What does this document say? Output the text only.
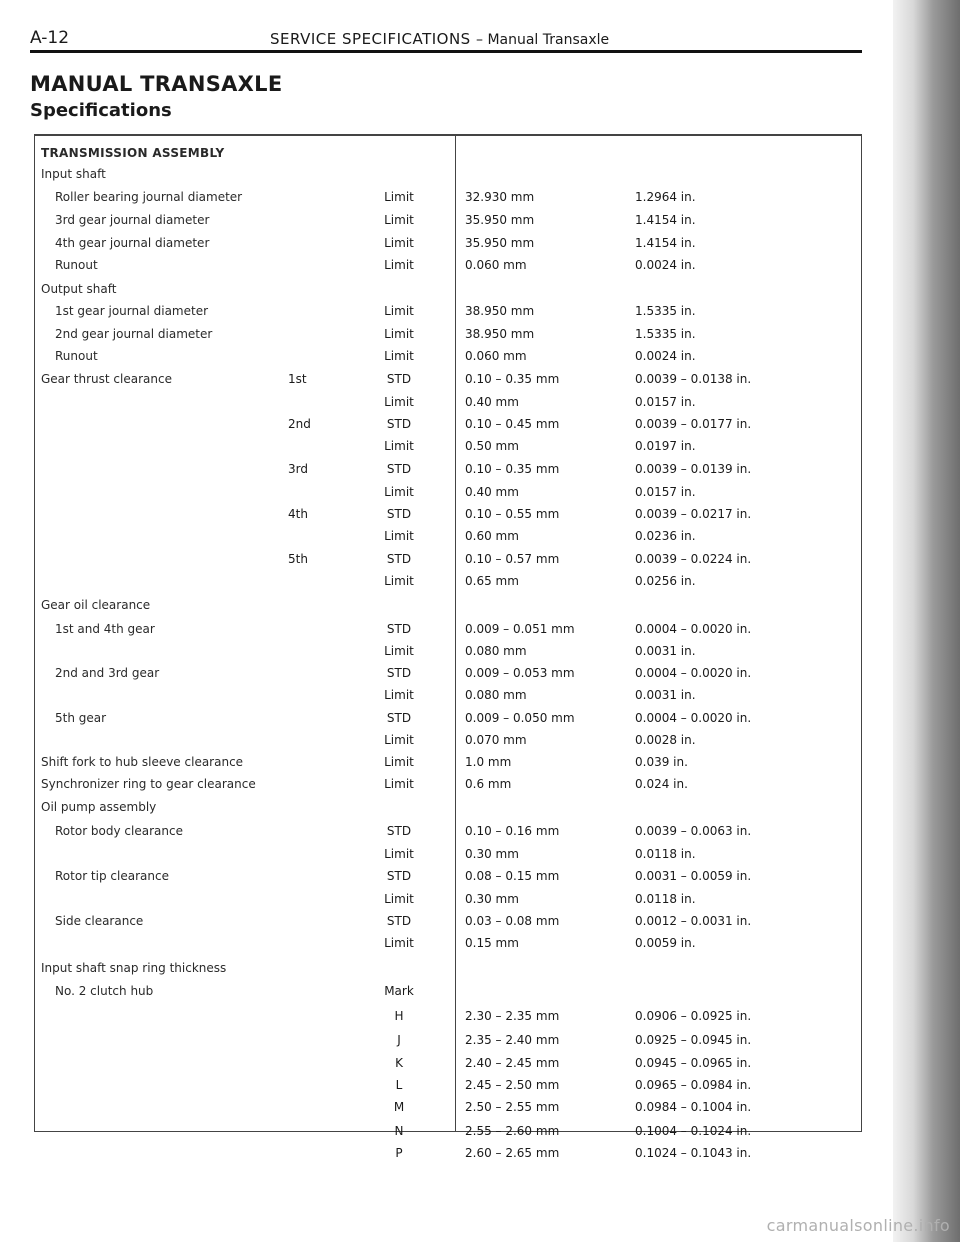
A-12	SERVICE SPECIFICATIONS – Manual Transaxle
MANUAL TRANSAXLE
Specifications
TRANSMISSION ASSEMBLY
Input shaft
Roller bearing journal diameter	Limit	32.930 mm	1.2964 in.
3rd gear journal diameter	Limit	35.950 mm	1.4154 in.
4th gear journal diameter	Limit	35.950 mm	1.4154 in.
Runout	Limit	0.060 mm	0.0024 in.
Output shaft
1st gear journal diameter	Limit	38.950 mm	1.5335 in.
2nd gear journal diameter	Limit	38.950 mm	1.5335 in.
Runout	Limit	0.060 mm	0.0024 in.
Gear thrust clearance	1st	STD	0.10 – 0.35 mm	0.0039 – 0.0138 in.
Limit	0.40 mm	0.0157 in.
2nd	STD	0.10 – 0.45 mm	0.0039 – 0.0177 in.
Limit	0.50 mm	0.0197 in.
3rd	STD	0.10 – 0.35 mm	0.0039 – 0.0139 in.
Limit	0.40 mm	0.0157 in.
4th	STD	0.10 – 0.55 mm	0.0039 – 0.0217 in.
Limit	0.60 mm	0.0236 in.
5th	STD	0.10 – 0.57 mm	0.0039 – 0.0224 in.
Limit	0.65 mm	0.0256 in.
Gear oil clearance
1st and 4th gear	STD	0.009 – 0.051 mm	0.0004 – 0.0020 in.
Limit	0.080 mm	0.0031 in.
2nd and 3rd gear	STD	0.009 – 0.053 mm	0.0004 – 0.0020 in.
Limit	0.080 mm	0.0031 in.
5th gear	STD	0.009 – 0.050 mm	0.0004 – 0.0020 in.
Limit	0.070 mm	0.0028 in.
Shift fork to hub sleeve clearance	Limit	1.0 mm	0.039 in.
Synchronizer ring to gear clearance	Limit	0.6 mm	0.024 in.
Oil pump assembly
Rotor body clearance	STD	0.10 – 0.16 mm	0.0039 – 0.0063 in.
Limit	0.30 mm	0.0118 in.
Rotor tip clearance	STD	0.08 – 0.15 mm	0.0031 – 0.0059 in.
Limit	0.30 mm	0.0118 in.
Side clearance	STD	0.03 – 0.08 mm	0.0012 – 0.0031 in.
Limit	0.15 mm	0.0059 in.
Input shaft snap ring thickness
No. 2 clutch hub	Mark
H	2.30 – 2.35 mm	0.0906 – 0.0925 in.
J	2.35 – 2.40 mm	0.0925 – 0.0945 in.
K	2.40 – 2.45 mm	0.0945 – 0.0965 in.
L	2.45 – 2.50 mm	0.0965 – 0.0984 in.
M	2.50 – 2.55 mm	0.0984 – 0.1004 in.
N	2.55 – 2.60 mm	0.1004 – 0.1024 in.
P	2.60 – 2.65 mm	0.1024 – 0.1043 in.
carmanualsonline.info
